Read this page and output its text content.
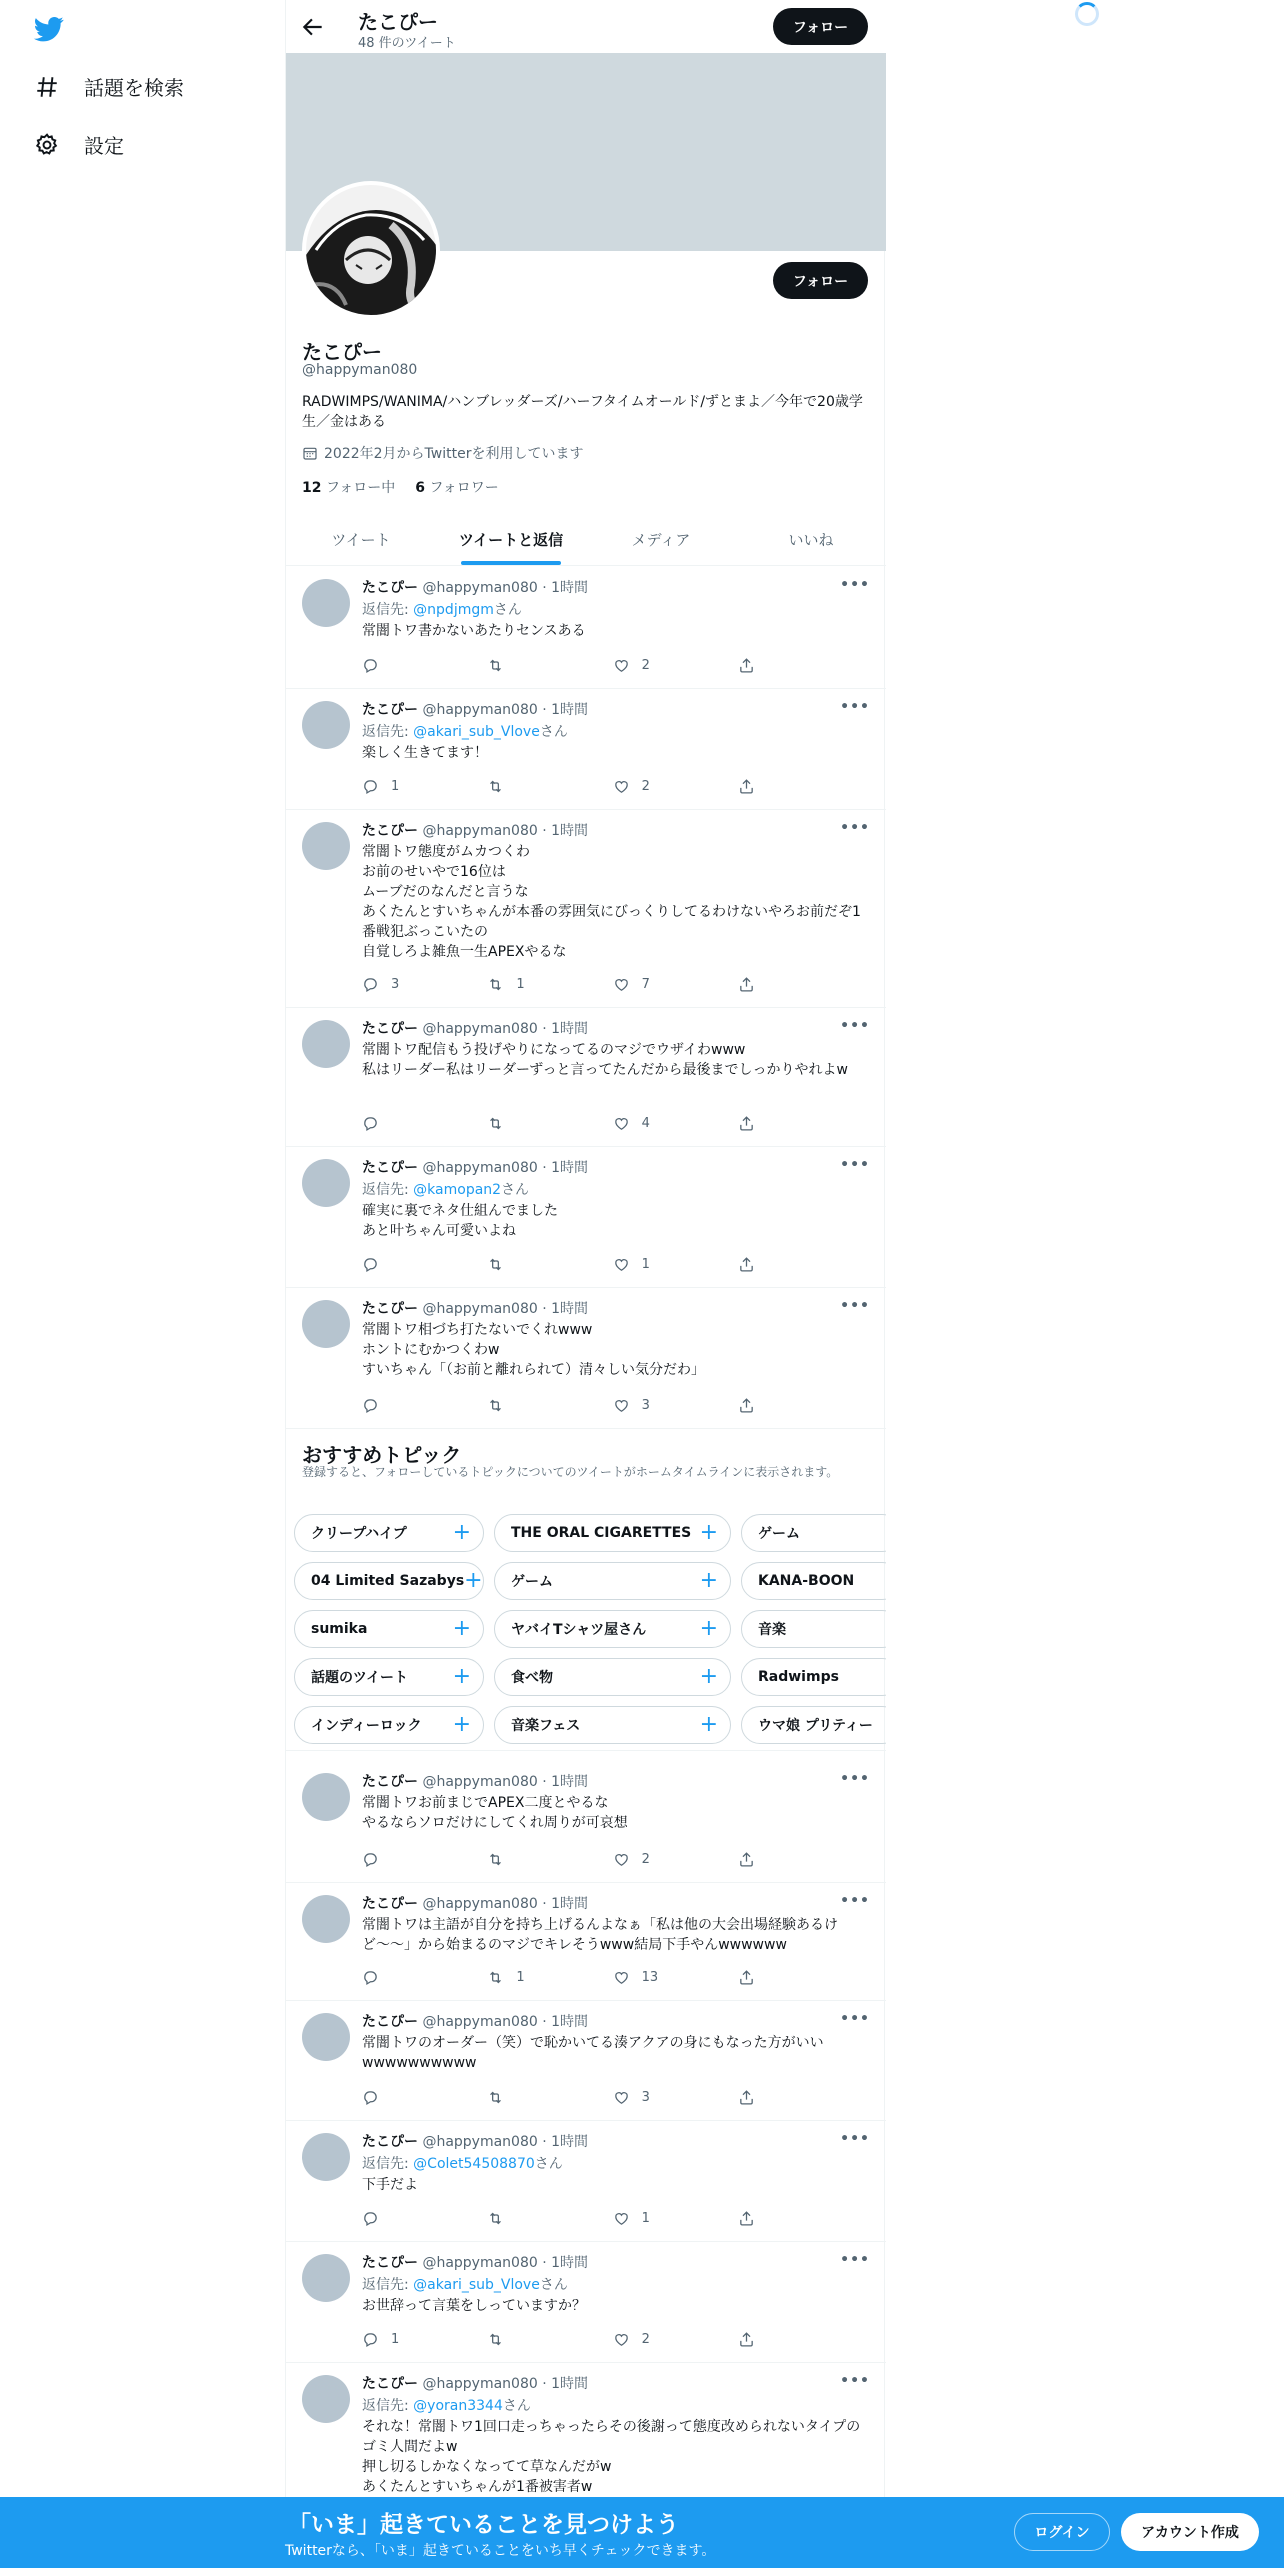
話題を検索
設定
たこぴー
48 件のツイート
フォロー
フォロー
たこぴー
@happyman080
RADWIMPS/WANIMA/ハンブレッダーズ/ハーフタイムオールド/ずとまよ／今年で20歳学生／金はある
2022年2月からTwitterを利用しています
12 フォロー中 6 フォロワー
ツイート	ツイートと返信	メディア	いいね
たこぴー @happyman080 · 1時間	•••
返信先: @npdjmgmさん
常闇トワ書かないあたりセンスある
2
たこぴー @happyman080 · 1時間	•••
返信先: @akari_sub_Vloveさん
楽しく生きてます！
1	2
たこぴー @happyman080 · 1時間	•••
常闇トワ態度がムカつくわ
お前のせいやで16位は
ムーブだのなんだと言うな
あくたんとすいちゃんが本番の雰囲気にびっくりしてるわけないやろお前だぞ1番戦犯ぶっこいたの
自覚しろよ雑魚一生APEXやるな
3	1	7
たこぴー @happyman080 · 1時間	•••
常闇トワ配信もう投げやりになってるのマジでウザイわwww
私はリーダー私はリーダーずっと言ってたんだから最後までしっかりやれよw
4
たこぴー @happyman080 · 1時間	•••
返信先: @kamopan2さん
確実に裏でネタ仕組んでました
あと叶ちゃん可愛いよね
1
たこぴー @happyman080 · 1時間	•••
常闇トワ相づち打たないでくれwww
ホントにむかつくわw
すいちゃん「（お前と離れられて）清々しい気分だわ」
3
おすすめトピック
登録すると、フォローしているトピックについてのツイートがホームタイムラインに表示されます。
クリープハイプ +	THE ORAL CIGARETTES +	ゲーム
04 Limited Sazabys + ゲーム	+	KANA-BOON
sumika	+	ヤバイTシャツ屋さん +	音楽
話題のツイート +	食べ物	+	Radwimps
インディーロック +	音楽フェス	+	ウマ娘 プリティー
たこぴー @happyman080 · 1時間	•••
常闇トワお前まじでAPEX二度とやるな
やるならソロだけにしてくれ周りが可哀想
2
たこぴー @happyman080 · 1時間	•••
常闇トワは主語が自分を持ち上げるんよなぁ「私は他の大会出場経験あるけど〜〜」から始まるのマジでキレそうwww結局下手やんwwwwww
1	13
たこぴー @happyman080 · 1時間	•••
常闇トワのオーダー（笑）で恥かいてる湊アクアの身にもなった方がいいwwwwwwwwww
3
たこぴー @happyman080 · 1時間	•••
返信先: @Colet54508870さん
下手だよ
1
たこぴー @happyman080 · 1時間	•••
返信先: @akari_sub_Vloveさん
お世辞って言葉をしっていますか？
1	2
たこぴー @happyman080 · 1時間	•••
返信先: @yoran3344さん
それな！常闇トワ1回口走っちゃったらその後謝って態度改められないタイプのゴミ人間だよw
押し切るしかなくなってて草なんだがw
あくたんとすいちゃんが1番被害者w
「いま」起きていることを見つけよう
Twitterなら、「いま」起きていることをいち早くチェックできます。
ログイン	アカウント作成
